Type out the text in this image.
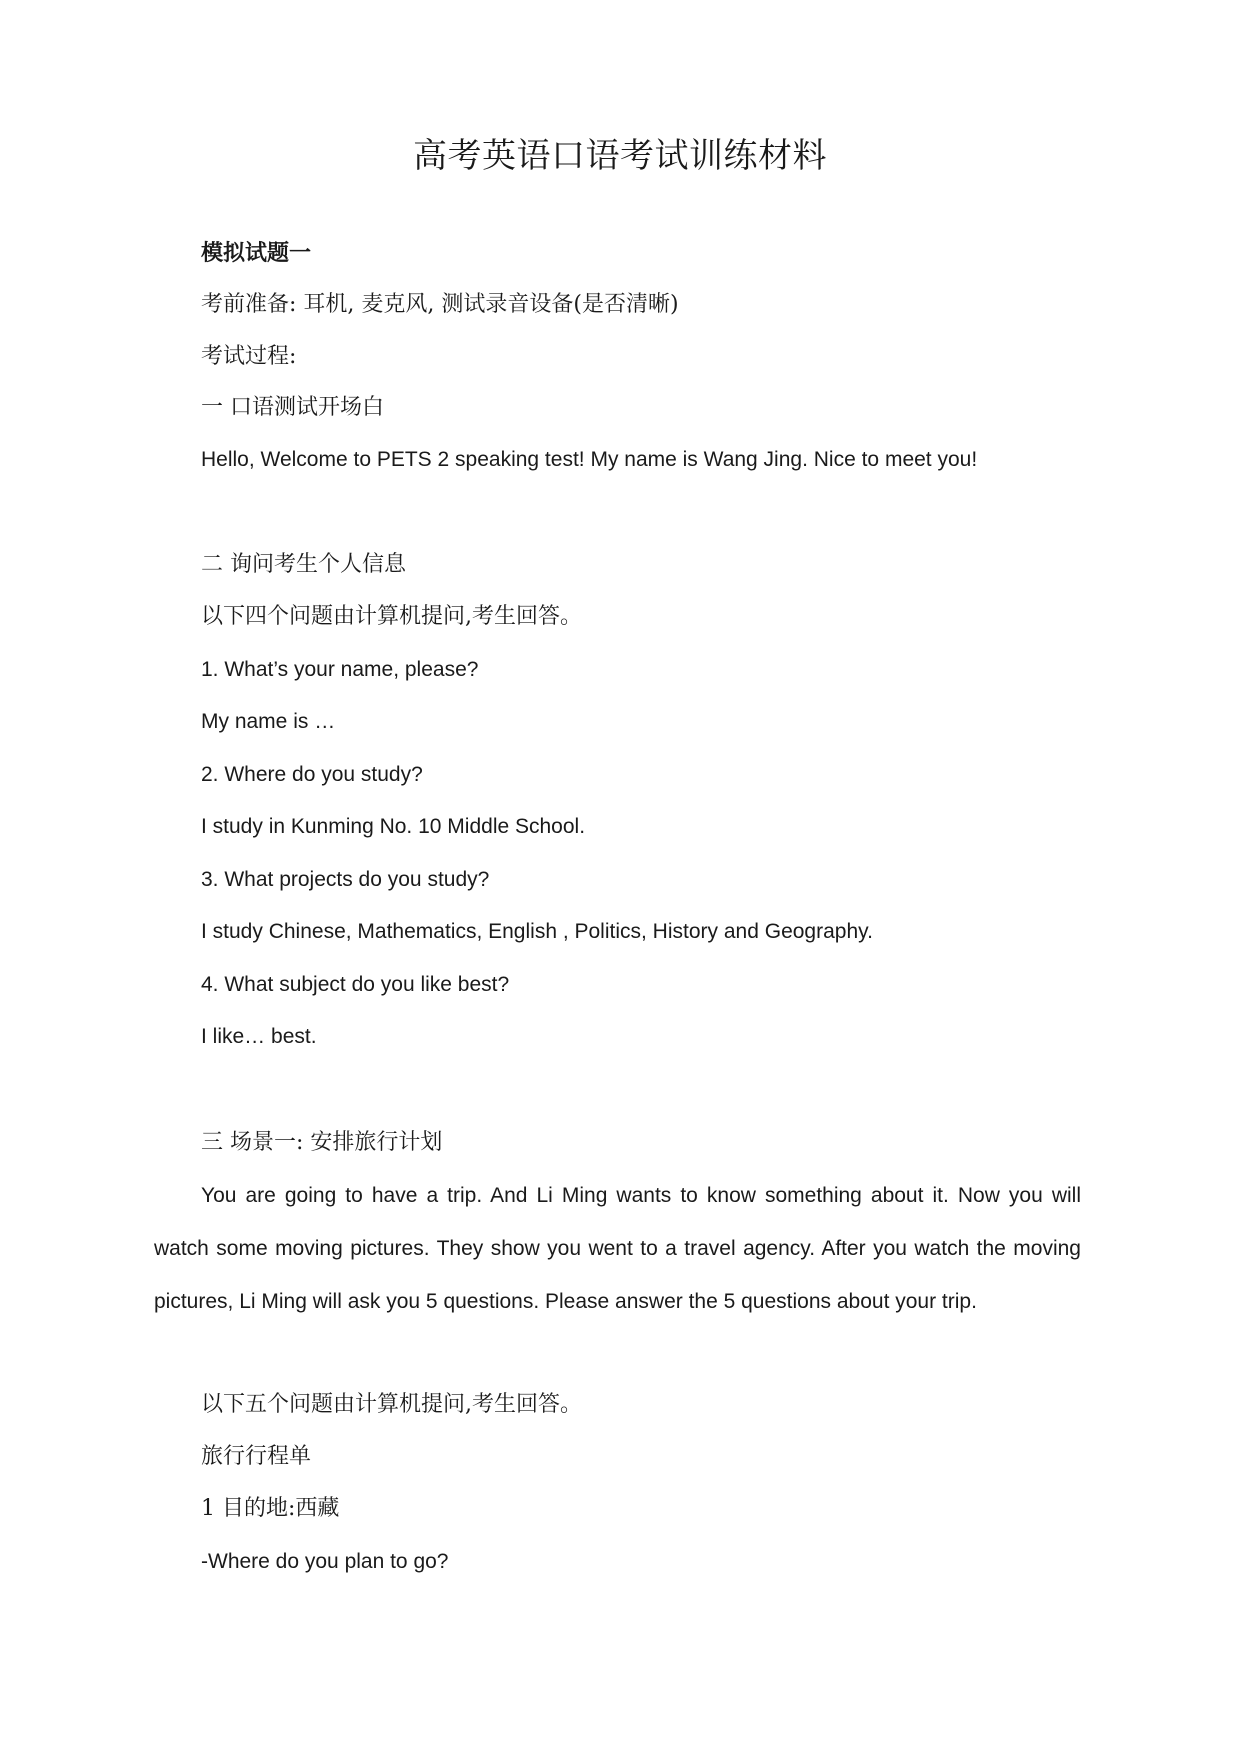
高考英语口语考试训练材料

模拟试题一

考前准备: 耳机, 麦克风, 测试录音设备(是否清晰)

考试过程:

一 口语测试开场白

Hello, Welcome to PETS 2 speaking test! My name is Wang Jing. Nice to meet you!

二 询问考生个人信息

以下四个问题由计算机提问,考生回答。

1. What’s your name, please?

My name is …

2. Where do you study?

I study in Kunming No. 10 Middle School.

3. What projects do you study?

I study Chinese, Mathematics, English , Politics, History and Geography.

4. What subject do you like best?

I like… best.

三 场景一: 安排旅行计划

You are going to have a trip. And Li Ming wants to know something about it. Now you will watch some moving pictures. They show you went to a travel agency. After you watch the moving pictures, Li Ming will ask you 5 questions. Please answer the 5 questions about your trip.

以下五个问题由计算机提问,考生回答。

旅行行程单

1 目的地:西藏

-Where do you plan to go?
